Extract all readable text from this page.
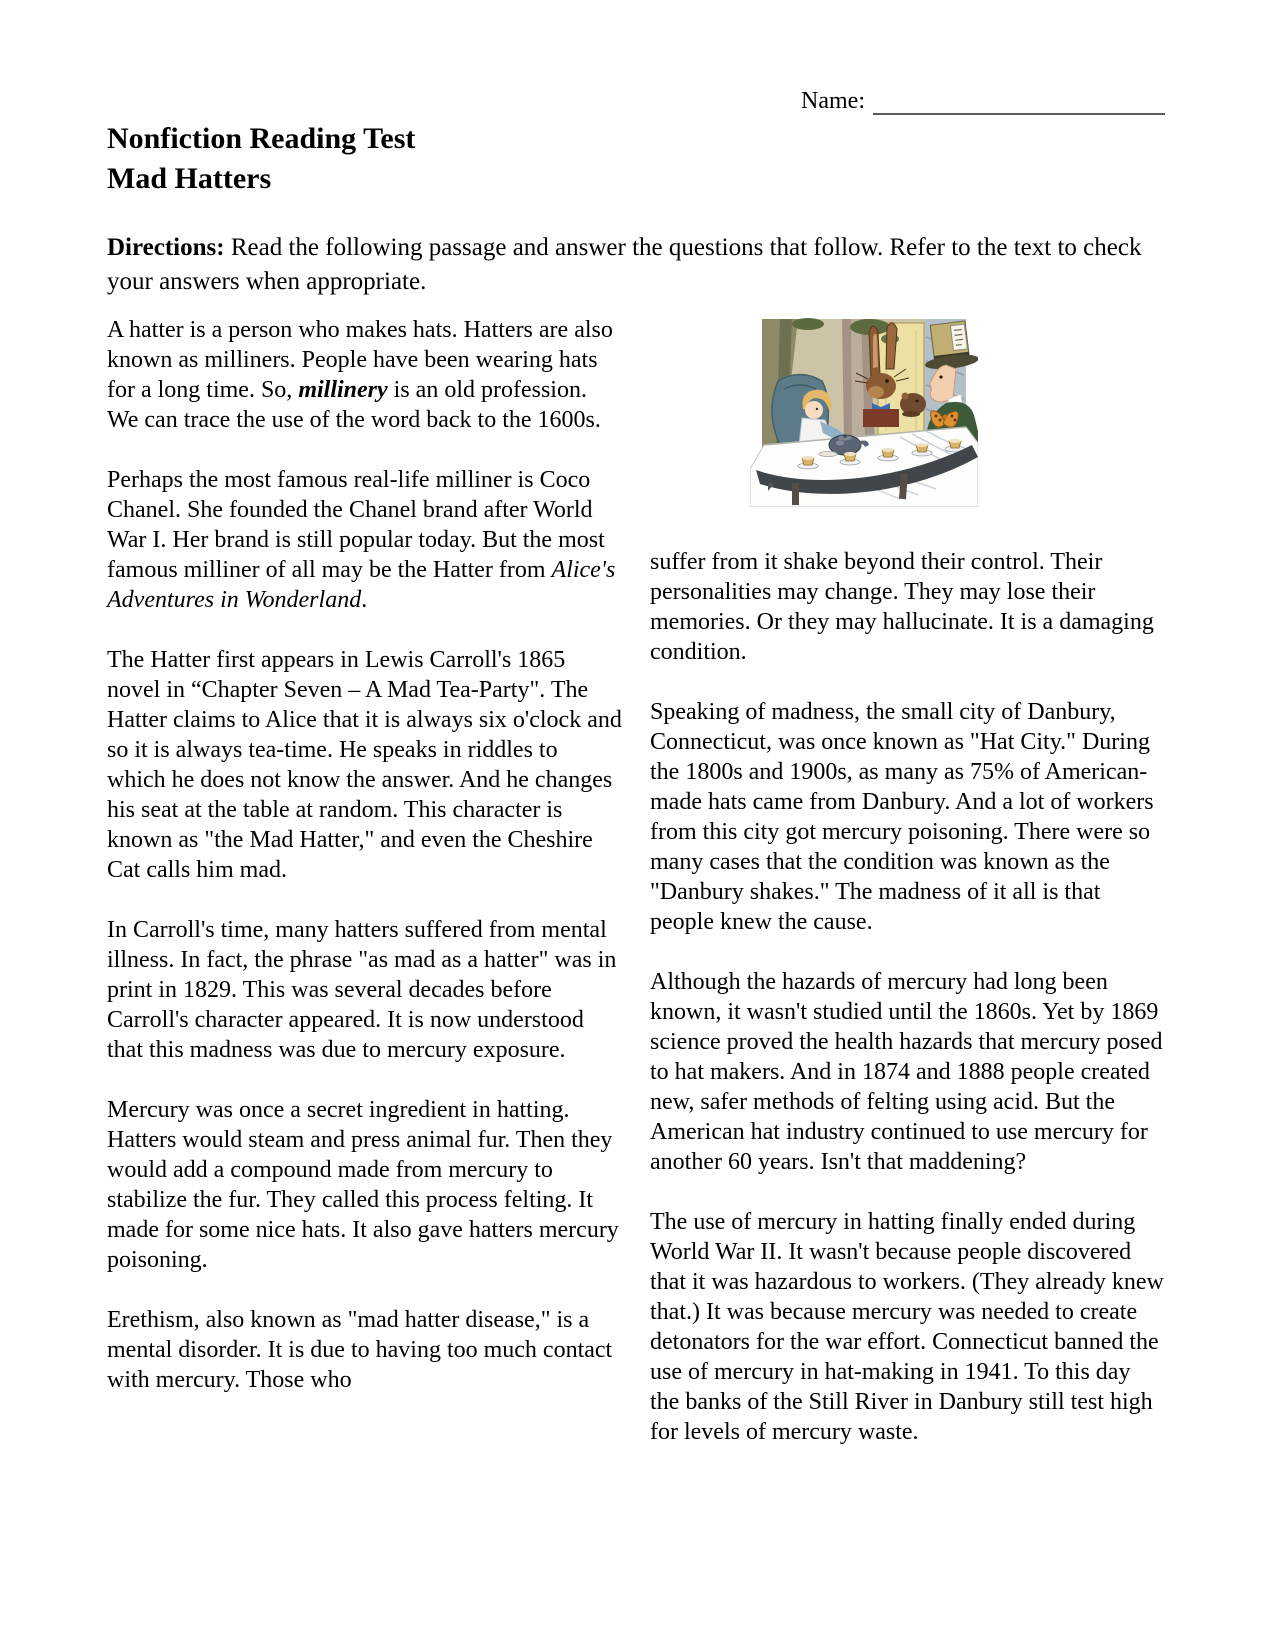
Name:
Nonfiction Reading Test
Mad Hatters

Directions: Read the following passage and answer the questions that follow. Refer to the text to check your answers when appropriate.

A hatter is a person who makes hats. Hatters are also known as milliners. People have been wearing hats for a long time. So, millinery is an old profession. We can trace the use of the word back to the 1600s.

Perhaps the most famous real-life milliner is Coco Chanel. She founded the Chanel brand after World War I. Her brand is still popular today. But the most famous milliner of all may be the Hatter from Alice's Adventures in Wonderland.

The Hatter first appears in Lewis Carroll's 1865 novel in “Chapter Seven – A Mad Tea-Party". The Hatter claims to Alice that it is always six o'clock and so it is always tea-time. He speaks in riddles to which he does not know the answer. And he changes his seat at the table at random. This character is known as "the Mad Hatter," and even the Cheshire Cat calls him mad.

In Carroll's time, many hatters suffered from mental illness. In fact, the phrase "as mad as a hatter" was in print in 1829. This was several decades before Carroll's character appeared. It is now understood that this madness was due to mercury exposure.

Mercury was once a secret ingredient in hatting. Hatters would steam and press animal fur. Then they would add a compound made from mercury to stabilize the fur. They called this process felting. It made for some nice hats. It also gave hatters mercury poisoning.

Erethism, also known as "mad hatter disease," is a mental disorder. It is due to having too much contact with mercury. Those who

suffer from it shake beyond their control. Their personalities may change. They may lose their memories. Or they may hallucinate. It is a damaging condition.

Speaking of madness, the small city of Danbury, Connecticut, was once known as "Hat City." During the 1800s and 1900s, as many as 75% of American-made hats came from Danbury. And a lot of workers from this city got mercury poisoning. There were so many cases that the condition was known as the "Danbury shakes." The madness of it all is that people knew the cause.

Although the hazards of mercury had long been known, it wasn't studied until the 1860s. Yet by 1869 science proved the health hazards that mercury posed to hat makers. And in 1874 and 1888 people created new, safer methods of felting using acid. But the American hat industry continued to use mercury for another 60 years. Isn't that maddening?

The use of mercury in hatting finally ended during World War II. It wasn't because people discovered that it was hazardous to workers. (They already knew that.) It was because mercury was needed to create detonators for the war effort. Connecticut banned the use of mercury in hat-making in 1941. To this day the banks of the Still River in Danbury still test high for levels of mercury waste.
